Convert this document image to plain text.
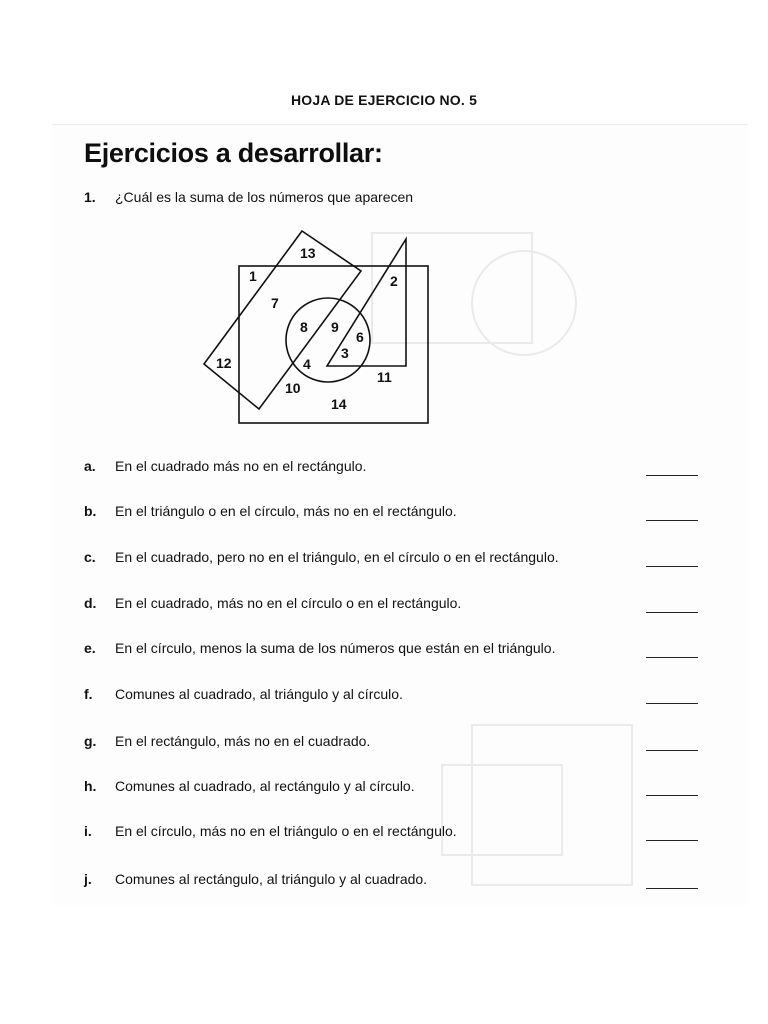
HOJA DE EJERCICIO NO. 5
Ejercicios a desarrollar:
1. ¿Cuál es la suma de los números que aparecen
13
1	2
7
8 9
6
3
12	4
11
10
14
a. En el cuadrado más no en el rectángulo.
b. En el triángulo o en el círculo, más no en el rectángulo.
c. En el cuadrado, pero no en el triángulo, en el círculo o en el rectángulo.
d. En el cuadrado, más no en el círculo o en el rectángulo.
e. En el círculo, menos la suma de los números que están en el triángulo.
f. Comunes al cuadrado, al triángulo y al círculo.
g. En el rectángulo, más no en el cuadrado.
h. Comunes al cuadrado, al rectángulo y al círculo.
i. En el círculo, más no en el triángulo o en el rectángulo.
j. Comunes al rectángulo, al triángulo y al cuadrado.
